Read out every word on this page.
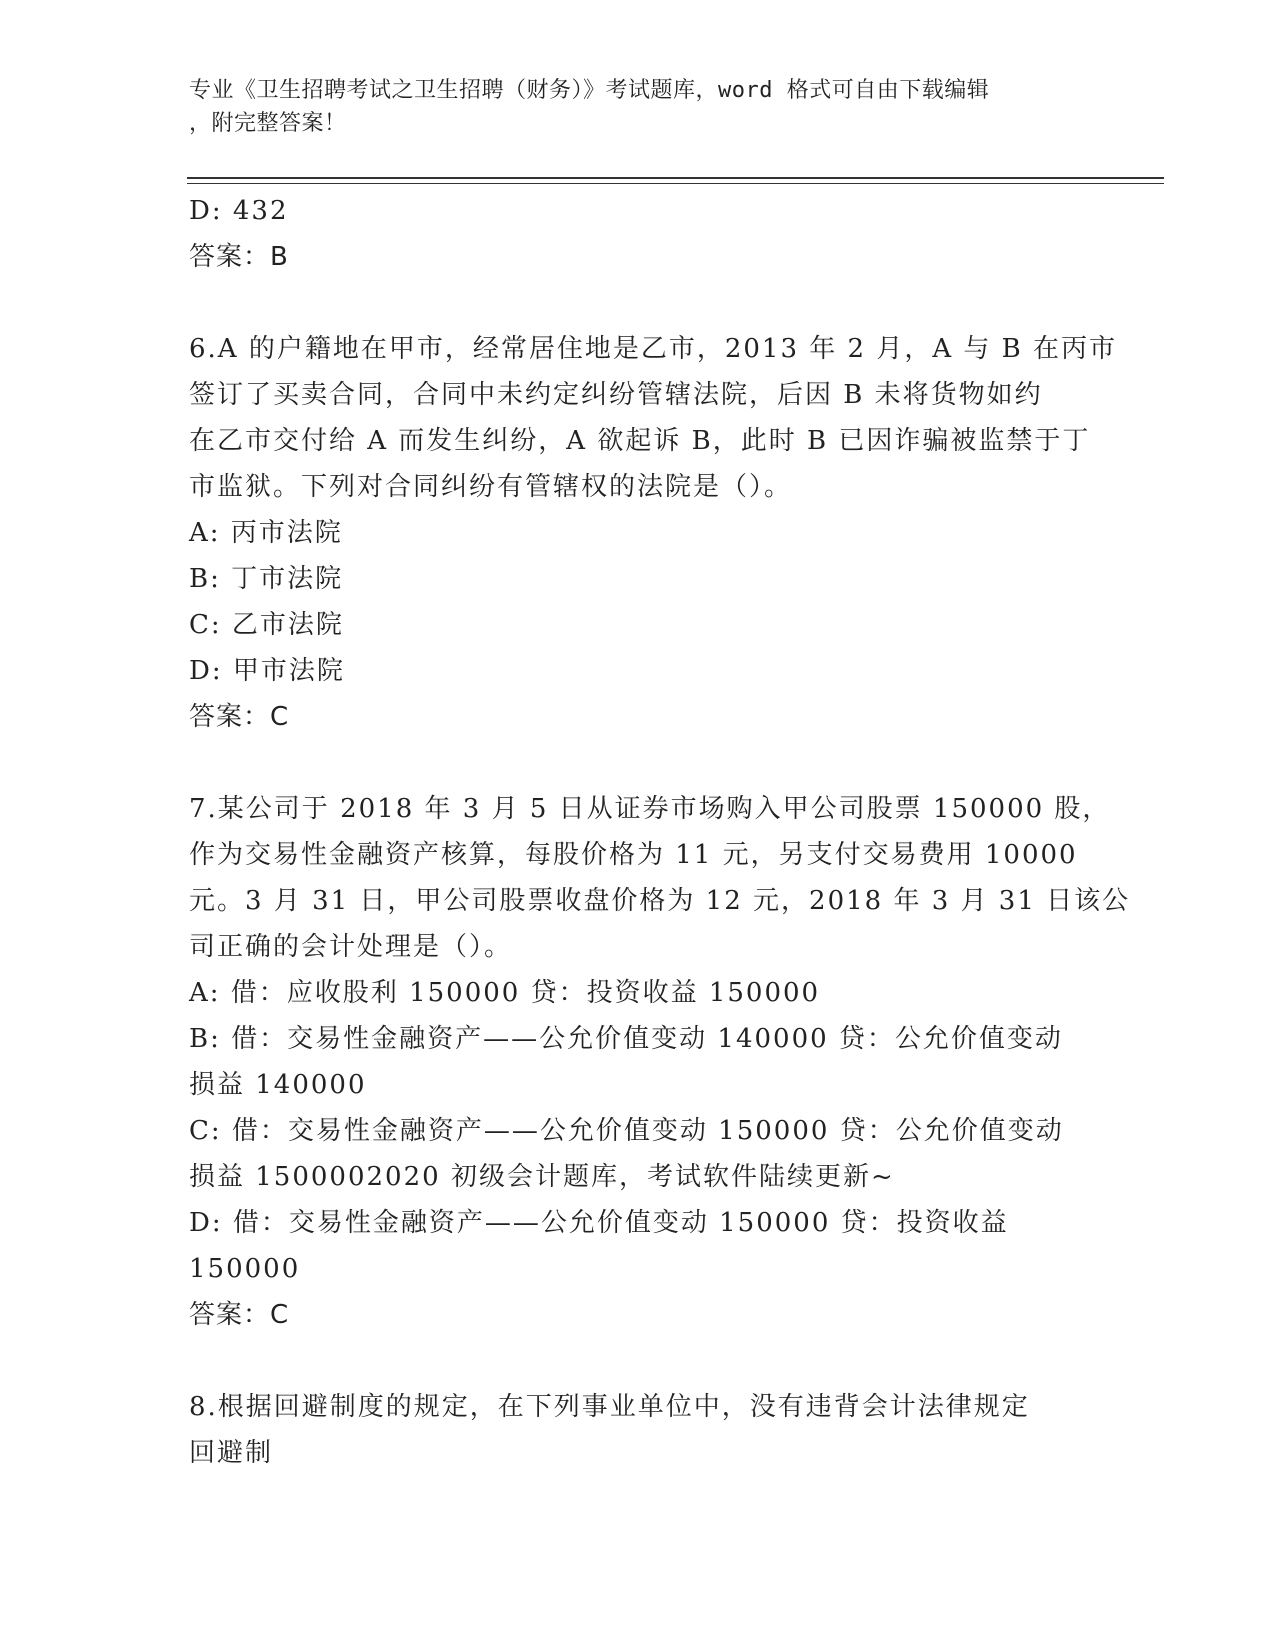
专业《卫生招聘考试之卫生招聘（财务）》考试题库，word 格式可自由下载编辑
，附完整答案！
D: 432
答案：B
6.A 的户籍地在甲市，经常居住地是乙市，2013 年 2 月，A 与 B 在丙市
签订了买卖合同，合同中未约定纠纷管辖法院，后因 B 未将货物如约
在乙市交付给 A 而发生纠纷，A 欲起诉 B，此时 B 已因诈骗被监禁于丁
市监狱。下列对合同纠纷有管辖权的法院是（）。
A: 丙市法院
B: 丁市法院
C: 乙市法院
D: 甲市法院
答案：C
7.某公司于 2018 年 3 月 5 日从证券市场购入甲公司股票 150000 股，
作为交易性金融资产核算，每股价格为 11 元，另支付交易费用 10000
元。3 月 31 日，甲公司股票收盘价格为 12 元，2018 年 3 月 31 日该公
司正确的会计处理是（）。
A: 借：应收股利 150000 贷：投资收益 150000
B: 借：交易性金融资产——公允价值变动 140000 贷：公允价值变动
损益 140000
C: 借：交易性金融资产——公允价值变动 150000 贷：公允价值变动
损益 1500002020 初级会计题库，考试软件陆续更新~
D: 借：交易性金融资产——公允价值变动 150000 贷：投资收益
150000
答案：C
8.根据回避制度的规定，在下列事业单位中，没有违背会计法律规定
回避制
